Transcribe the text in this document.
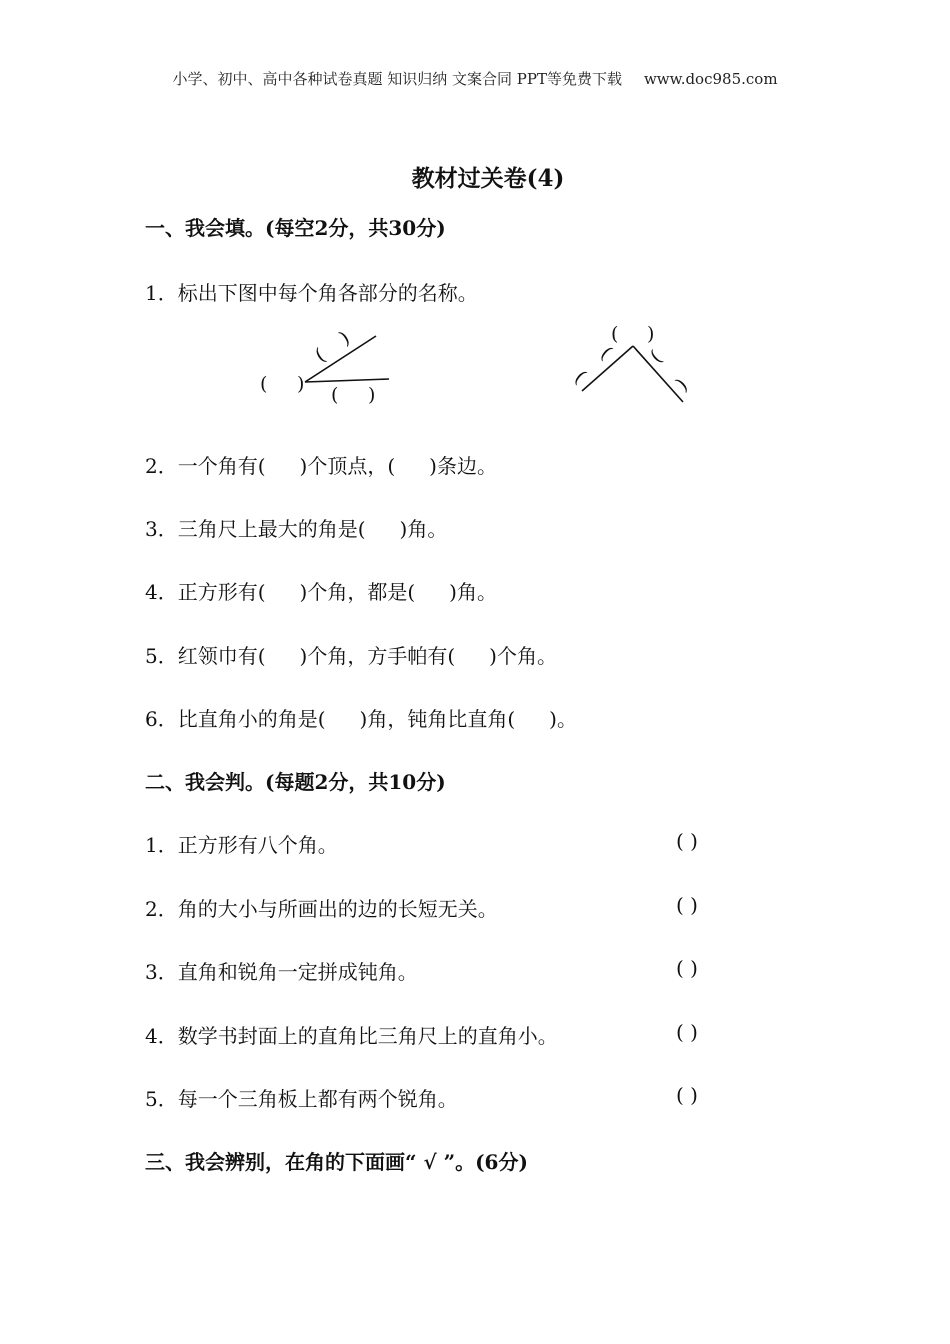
小学、初中、高中各种试卷真题 知识归纳 文案合同 PPT等免费下载 www.doc985.com
教材过关卷(4)
一、我会填。(每空2分，共30分)
1．标出下图中每个角各部分的名称。
(
)
( ) ( )
( )
(
(
(
)
2．一个角有( )个顶点，( )条边。
3．三角尺上最大的角是( )角。
4．正方形有( )个角，都是( )角。
5．红领巾有( )个角，方手帕有( )个角。
6．比直角小的角是( )角，钝角比直角( )。
二、我会判。(每题2分，共10分)
1．正方形有八个角。	( )
2．角的大小与所画出的边的长短无关。	( )
3．直角和锐角一定拼成钝角。	( )
4．数学书封面上的直角比三角尺上的直角小。	( )
5．每一个三角板上都有两个锐角。	( )
三、我会辨别，在角的下面画“ √ ”。(6分)
